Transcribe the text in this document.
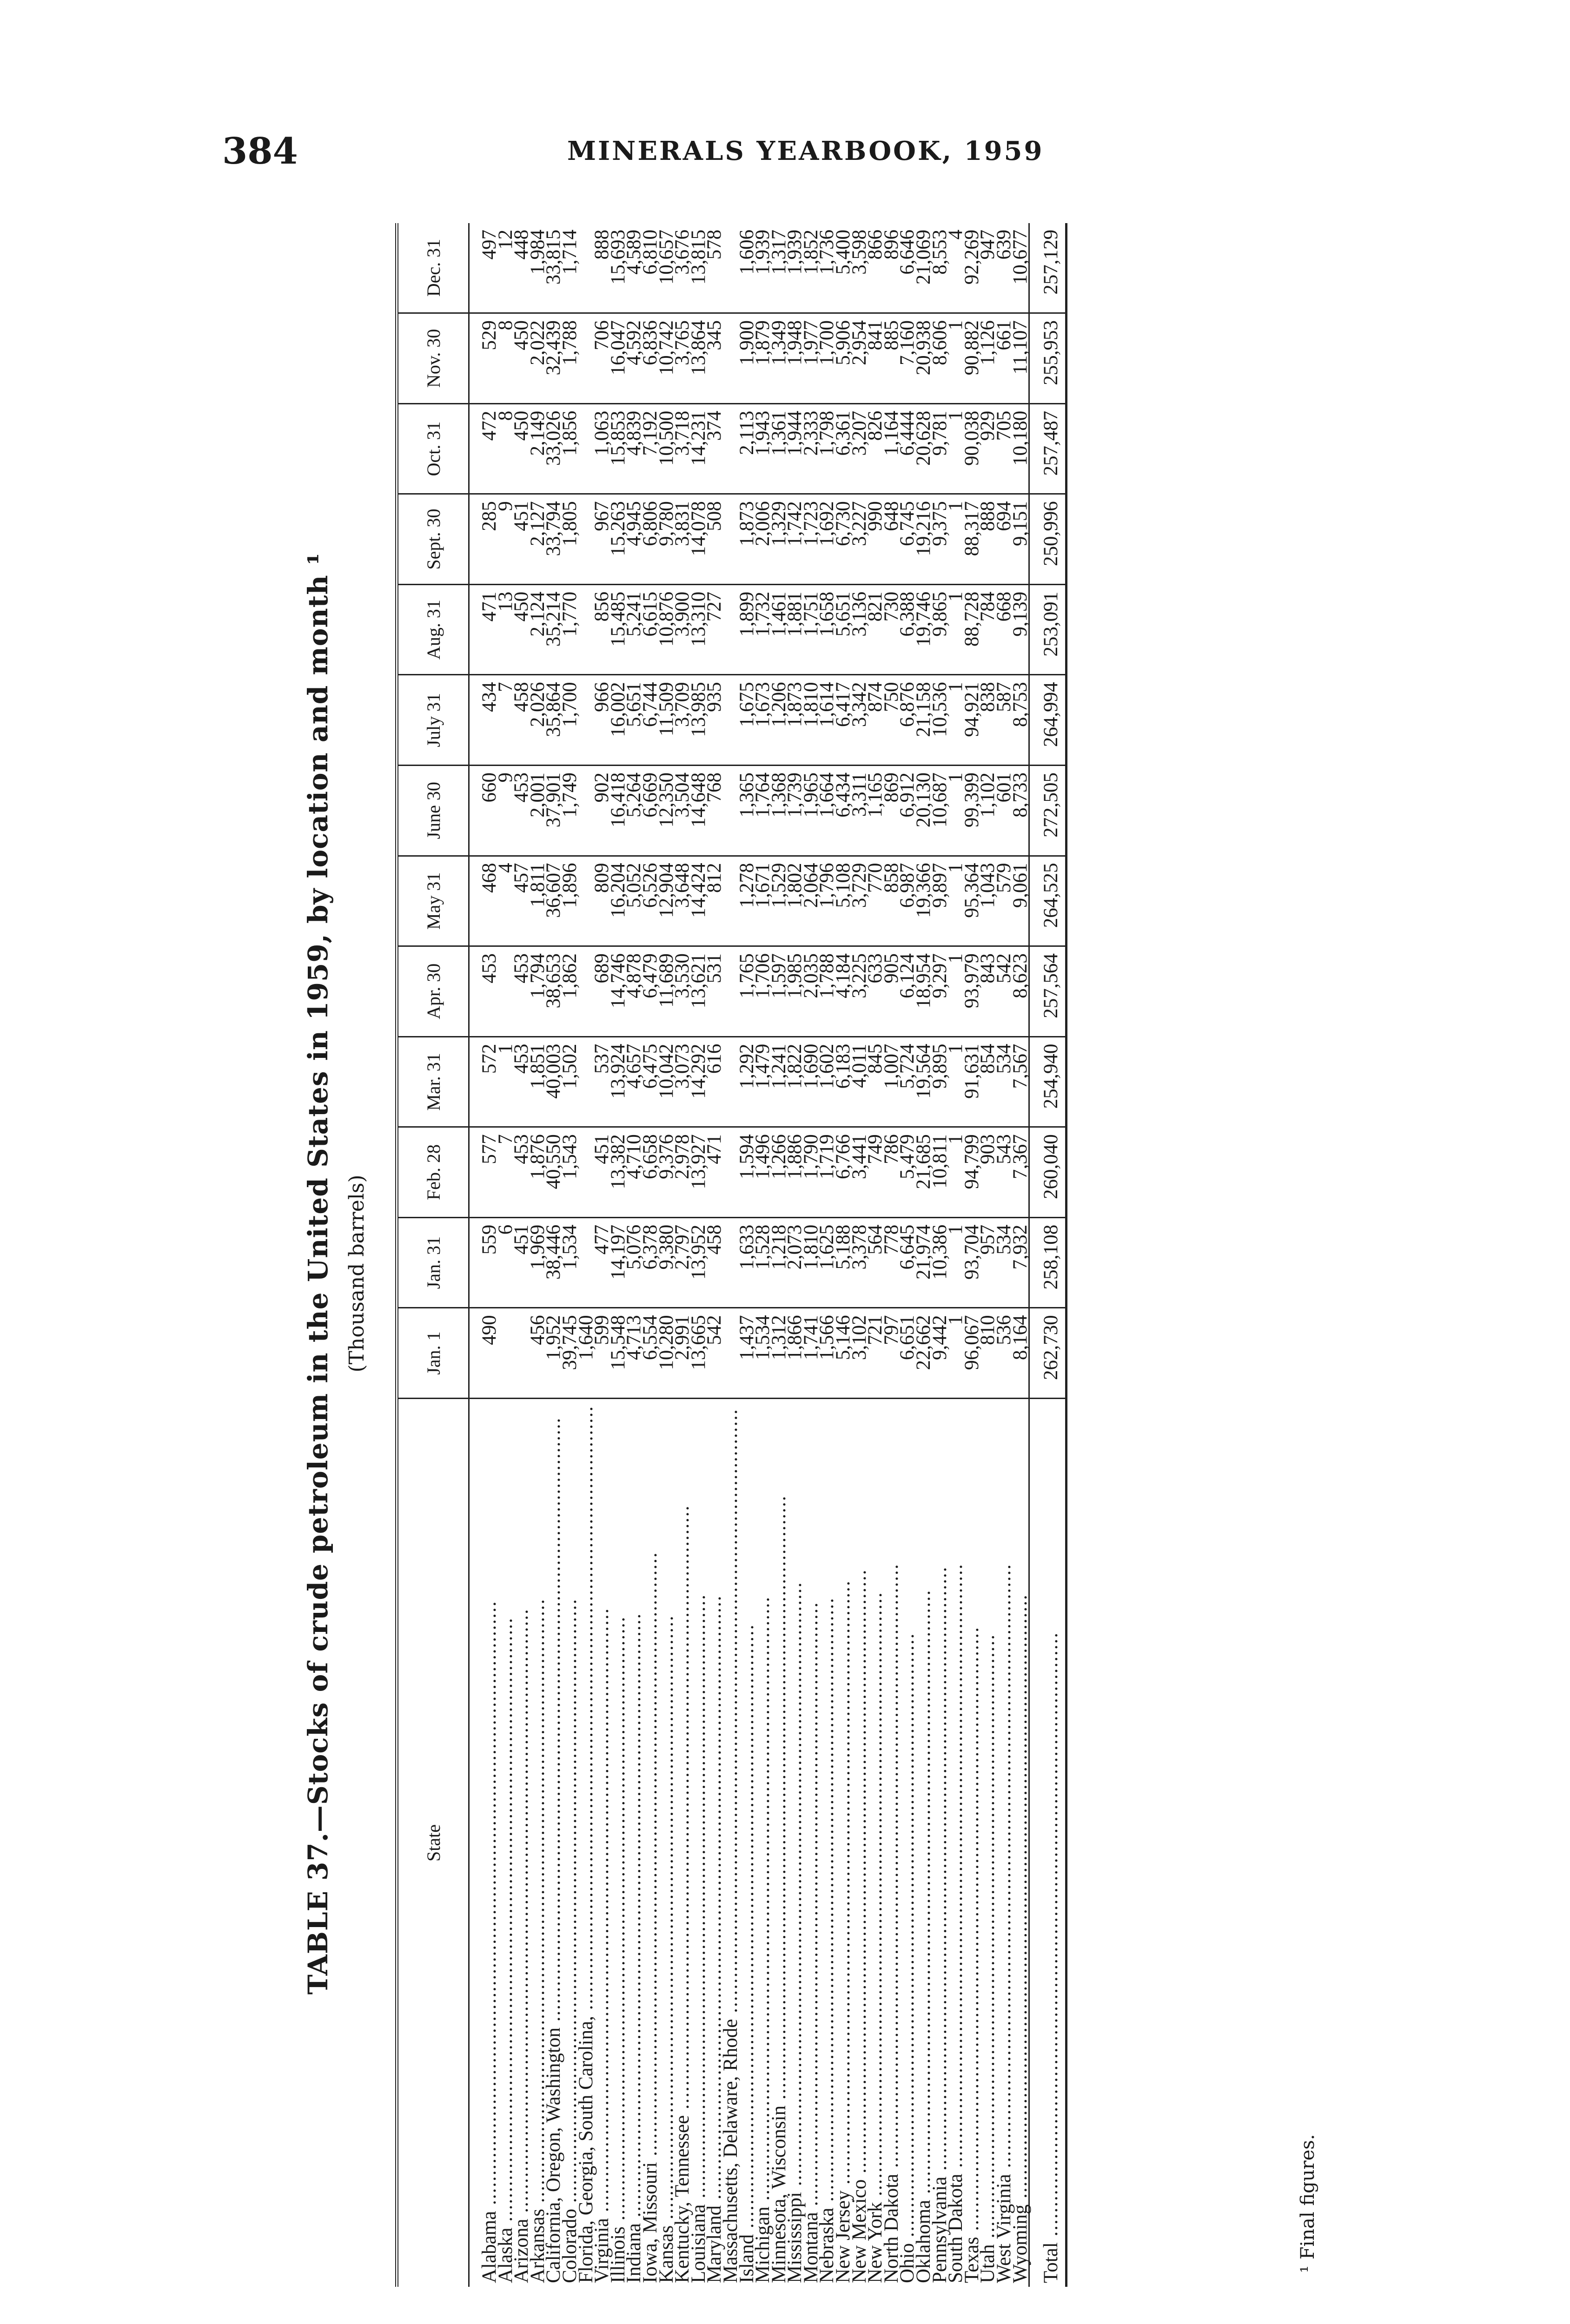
384	MINERALS YEARBOOK, 1959
TABLE 37.—Stocks of crude petroleum in the United States in 1959, by location and month ¹ (Thousand barrels)
State	Jan. 1	Jan. 31	Feb. 28	Mar. 31	Apr. 30	May 31	June 30	July 31	Aug. 31	Sept. 30	Oct. 31	Nov. 30	Dec. 31
Alabama .....	490	559	577	572	453	468	660	434	471	285	472	529	497
Alaska .....		6	7	1		4	9	7	13	9	8	8	12
Arizona .....		451	453	453	453	457	453	458	450	451	450	450	448
Arkansas .....	456	1,969	1,876	1,851	1,794	1,811	2,001	2,026	2,124	2,127	2,149	2,022	1,984
California, Oregon, Washington .....	1,952	38,446	40,550	40,003	38,653	36,607	37,901	35,864	35,214	33,794	33,026	32,439	33,815
Colorado .....	39,745	1,534	1,543	1,502	1,862	1,896	1,749	1,700	1,770	1,805	1,856	1,788	1,714
Florida, Georgia, South Carolina, .....	1,640												
Virginia .....	599	477	451	537	689	809	902	966	856	967	1,063	706	888
Illinois .....	15,548	14,197	13,382	13,924	14,746	16,204	16,418	16,002	15,485	15,263	15,853	16,047	15,693
Indiana .....	4,713	5,076	4,710	4,657	4,878	5,052	5,264	5,651	5,241	4,945	4,839	4,592	4,589
Iowa, Missouri .....	6,554	6,378	6,658	6,475	6,479	6,526	6,669	6,744	6,615	6,806	7,192	6,836	6,810
Kansas .....	10,280	9,380	9,376	10,042	11,689	12,904	12,350	11,509	10,876	9,780	10,500	10,742	10,657
Kentucky, Tennessee .....	2,991	2,797	2,978	3,073	3,530	3,648	3,504	3,709	3,900	3,831	3,718	3,765	3,676
Louisiana .....	13,665	13,952	13,927	14,292	13,621	14,424	14,648	13,985	13,310	14,078	14,231	13,864	13,815
Maryland .....	542	458	471	616	531	812	768	935	727	508	374	345	578
Massachusetts, Delaware, Rhode .....													
Island .....	1,437	1,633	1,594	1,292	1,765	1,278	1,365	1,675	1,899	1,873	2,113	1,900	1,606
Michigan .....	1,534	1,528	1,496	1,479	1,706	1,671	1,764	1,673	1,732	2,006	1,943	1,879	1,939
Minnesota, Wisconsin .....	1,312	1,218	1,266	1,241	1,597	1,529	1,368	1,206	1,461	1,329	1,361	1,349	1,317
Mississippi .....	1,866	2,073	1,886	1,822	1,985	1,802	1,739	1,873	1,881	1,742	1,944	1,948	1,939
Montana .....	1,741	1,810	1,790	1,690	2,035	2,064	1,965	1,810	1,751	1,723	2,333	1,977	1,852
Nebraska .....	1,566	1,625	1,719	1,602	1,788	1,796	1,664	1,614	1,658	1,692	1,798	1,700	1,736
New Jersey .....	5,146	5,188	6,766	6,183	4,184	5,108	6,434	6,417	5,651	6,730	6,361	5,906	5,400
New Mexico .....	3,102	3,378	3,441	4,011	3,225	3,729	3,311	3,342	3,136	3,227	3,207	2,954	3,598
New York .....	721	564	749	845	633	770	1,165	874	821	990	826	841	866
North Dakota .....	797	778	786	1,007	905	858	869	750	730	648	1,164	885	896
Ohio .....	6,651	6,645	5,479	5,724	6,124	6,987	6,912	6,876	6,388	6,745	6,444	7,160	6,646
Oklahoma .....	22,662	21,974	21,685	19,564	18,954	19,366	20,130	21,158	19,746	19,216	20,628	20,938	21,069
Pennsylvania .....	9,442	10,386	10,811	9,895	9,297	9,897	10,687	10,536	9,865	9,375	9,781	8,606	8,553
South Dakota .....	1	1	1	1	1	1	1	1	1	1	1	1	4
Texas .....	96,067	93,704	94,799	91,631	93,979	95,364	99,399	94,921	88,728	88,317	90,038	90,882	92,269
Utah .....	810	957	903	854	843	1,043	1,102	838	784	888	929	1,126	947
West Virginia .....	536	534	543	534	542	579	601	587	668	694	705	661	639
Wyoming .....	8,164	7,932	7,367	7,567	8,623	9,061	8,733	8,753	9,139	9,151	10,180	11,107	10,677
Total .....	262,730	258,108	260,040	254,940	257,564	264,525	272,505	264,994	253,091	250,996	257,487	255,953	257,129
¹ Final figures.
